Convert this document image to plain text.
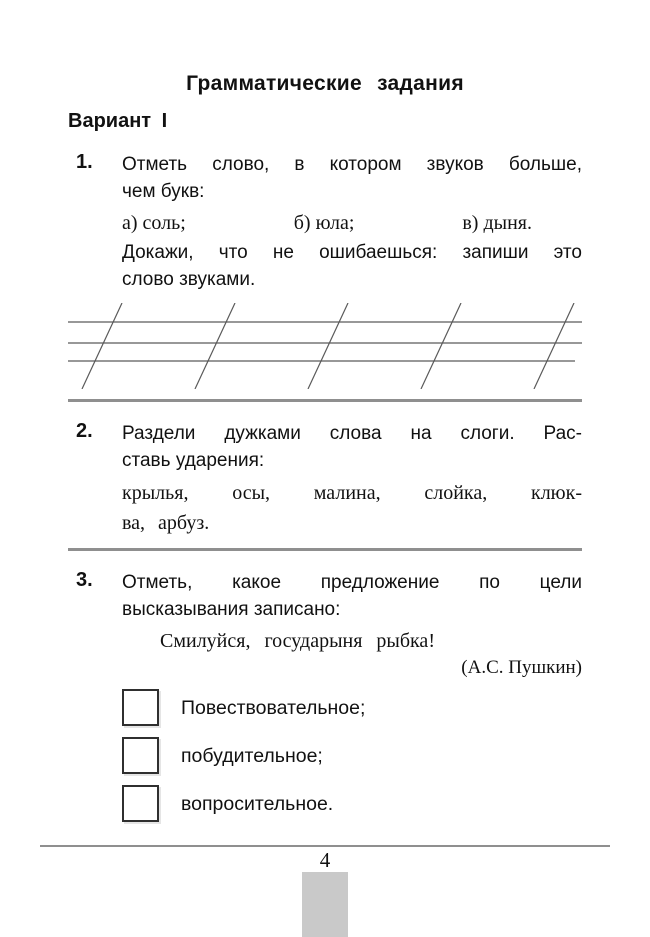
Грамматические задания
Вариант I
1.	Отметь слово, в котором звуков больше,
чем букв:
а) соль;	б) юла;	в) дыня.
Докажи, что не ошибаешься: запиши это
слово звуками.
2.	Раздели дужками слова на слоги. Рас-
ставь ударения:
крылья, осы, малина, слойка, клюк-
ва, арбуз.
3.	Отметь, какое предложение по цели
высказывания записано:
Смилуйся, государыня рыбка!
(А.С. Пушкин)
Повествовательное;
побудительное;
вопросительное.
4
